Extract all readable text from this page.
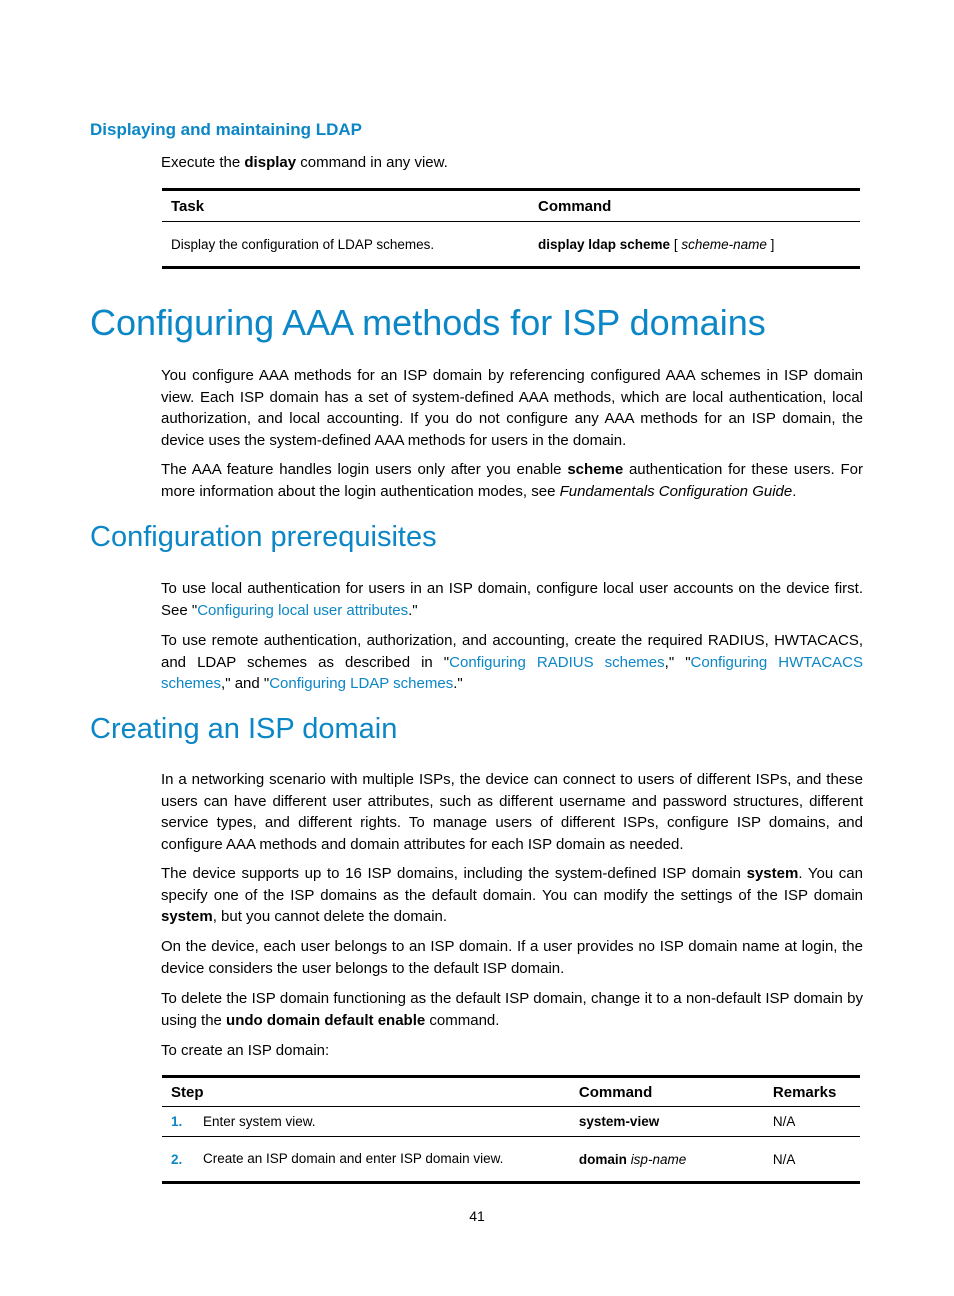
Displaying and maintaining LDAP

Execute the display command in any view.

Task	Command
Display the configuration of LDAP schemes.	display ldap scheme [ scheme-name ]
Configuring AAA methods for ISP domains

You configure AAA methods for an ISP domain by referencing configured AAA schemes in ISP domain view. Each ISP domain has a set of system-defined AAA methods, which are local authentication, local authorization, and local accounting. If you do not configure any AAA methods for an ISP domain, the device uses the system-defined AAA methods for users in the domain.

The AAA feature handles login users only after you enable scheme authentication for these users. For more information about the login authentication modes, see Fundamentals Configuration Guide.

Configuration prerequisites

To use local authentication for users in an ISP domain, configure local user accounts on the device first. See "Configuring local user attributes."

To use remote authentication, authorization, and accounting, create the required RADIUS, HWTACACS, and LDAP schemes as described in "Configuring RADIUS schemes," "Configuring HWTACACS schemes," and "Configuring LDAP schemes."

Creating an ISP domain

In a networking scenario with multiple ISPs, the device can connect to users of different ISPs, and these users can have different user attributes, such as different username and password structures, different service types, and different rights. To manage users of different ISPs, configure ISP domains, and configure AAA methods and domain attributes for each ISP domain as needed.

The device supports up to 16 ISP domains, including the system-defined ISP domain system. You can specify one of the ISP domains as the default domain. You can modify the settings of the ISP domain system, but you cannot delete the domain.

On the device, each user belongs to an ISP domain. If a user provides no ISP domain name at login, the device considers the user belongs to the default ISP domain.

To delete the ISP domain functioning as the default ISP domain, change it to a non-default ISP domain by using the undo domain default enable command.

To create an ISP domain:

Step		Command	Remarks
1.	Enter system view.	system-view	N/A
2.	Create an ISP domain and enter ISP domain view.	domain isp-name	N/A
41
